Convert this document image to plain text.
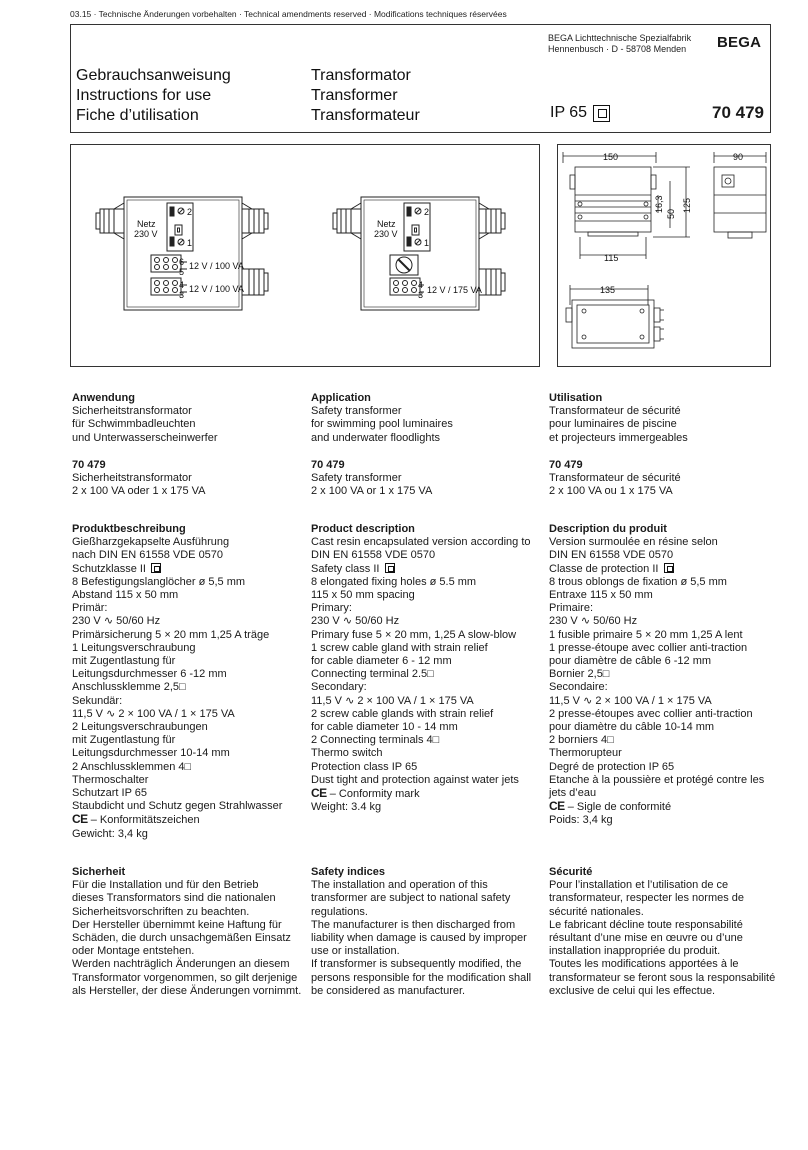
03.15 · Technische Änderungen vorbehalten · Technical amendments reserved · Modifications techniques réservées
BEGA Lichttechnische Spezialfabrik
Hennenbusch · D - 58708 Menden	BEGA
Gebrauchsanweisung
Instructions for use
Fiche d’utilisation
Transformator
Transformer
Transformateur	IP 65	70 479
Netz
230 V
2
1
6
5
4
3
12 V / 100 VA
12 V / 100 VA
Netz
230 V
2
1
4
3 12 V / 175 VA
150	90
115
135
16,3
50
125
Anwendung

Sicherheitstransformator

für Schwimmbadleuchten

und Unterwasserscheinwerfer

70 479

Sicherheitstransformator

2 x 100 VA oder 1 x 175 VA

Produktbeschreibung

Gießharzgekapselte Ausführung

nach DIN EN 61558 VDE 0570

Schutzklasse II

8 Befestigungslanglöcher ø 5,5 mm

Abstand 115 x 50 mm

Primär:

230 V ∿ 50/60 Hz

Primärsicherung 5 × 20 mm 1,25 A träge

1 Leitungsverschraubung

mit Zugentlastung für

Leitungsdurchmesser 6 -12 mm

Anschlussklemme 2,5□

Sekundär:

11,5 V ∿ 2 × 100 VA / 1 × 175 VA

2 Leitungsverschraubungen

mit Zugentlastung für

Leitungsdurchmesser 10-14 mm

2 Anschlussklemmen 4□

Thermoschalter

Schutzart IP 65

Staubdicht und Schutz gegen Strahlwasser

CE – Konformitätszeichen

Gewicht: 3,4 kg

Sicherheit

Für die Installation und für den Betrieb

dieses Transformators sind die nationalen

Sicherheitsvorschriften zu beachten.

Der Hersteller übernimmt keine Haftung für

Schäden, die durch unsachgemäßen Einsatz

oder Montage entstehen.

Werden nachträglich Änderungen an diesem

Transformator vorgenommen, so gilt derjenige

als Hersteller, der diese Änderungen vornimmt.

Application

Safety transformer

for swimming pool luminaires

and underwater floodlights

70 479

Safety transformer

2 x 100 VA or 1 x 175 VA

Product description

Cast resin encapsulated version according to

DIN EN 61558 VDE 0570

Safety class II

8 elongated fixing holes ø 5.5 mm

115 x 50 mm spacing

Primary:

230 V ∿ 50/60 Hz

Primary fuse 5 × 20 mm, 1,25 A slow-blow

1 screw cable gland with strain relief

for cable diameter 6 - 12 mm

Connecting terminal 2.5□

Secondary:

11,5 V ∿ 2 × 100 VA / 1 × 175 VA

2 screw cable glands with strain relief

for cable diameter 10 - 14 mm

2 Connecting terminals 4□

Thermo switch

Protection class IP 65

Dust tight and protection against water jets

CE – Conformity mark

Weight: 3.4 kg

Safety indices

The installation and operation of this

transformer are subject to national safety

regulations.

The manufacturer is then discharged from

liability when damage is caused by improper

use or installation.

If transformer is subsequently modified, the

persons responsible for the modification shall

be considered as manufacturer.

Utilisation

Transformateur de sécurité

pour luminaires de piscine

et projecteurs immergeables

70 479

Transformateur de sécurité

2 x 100 VA ou 1 x 175 VA

Description du produit

Version surmoulée en résine selon

DIN EN 61558 VDE 0570

Classe de protection II

8 trous oblongs de fixation ø 5,5 mm

Entraxe 115 x 50 mm

Primaire:

230 V ∿ 50/60 Hz

1 fusible primaire 5 × 20 mm 1,25 A lent

1 presse-étoupe avec collier anti-traction

pour diamètre de câble 6 -12 mm

Bornier 2,5□

Secondaire:

11,5 V ∿ 2 × 100 VA / 1 × 175 VA

2 presse-étoupes avec collier anti-traction

pour diamètre du câble 10-14 mm

2 borniers 4□

Thermorupteur

Degré de protection IP 65

Etanche à la poussière et protégé contre les

jets d’eau

CE – Sigle de conformité

Poids: 3,4 kg

Sécurité

Pour l’installation et l’utilisation de ce

transformateur, respecter les normes de

sécurité nationales.

Le fabricant décline toute responsabilité

résultant d’une mise en œuvre ou d’une

installation inappropriée du produit.

Toutes les modifications apportées à le

transformateur se feront sous la responsabilité

exclusive de celui qui les effectue.
